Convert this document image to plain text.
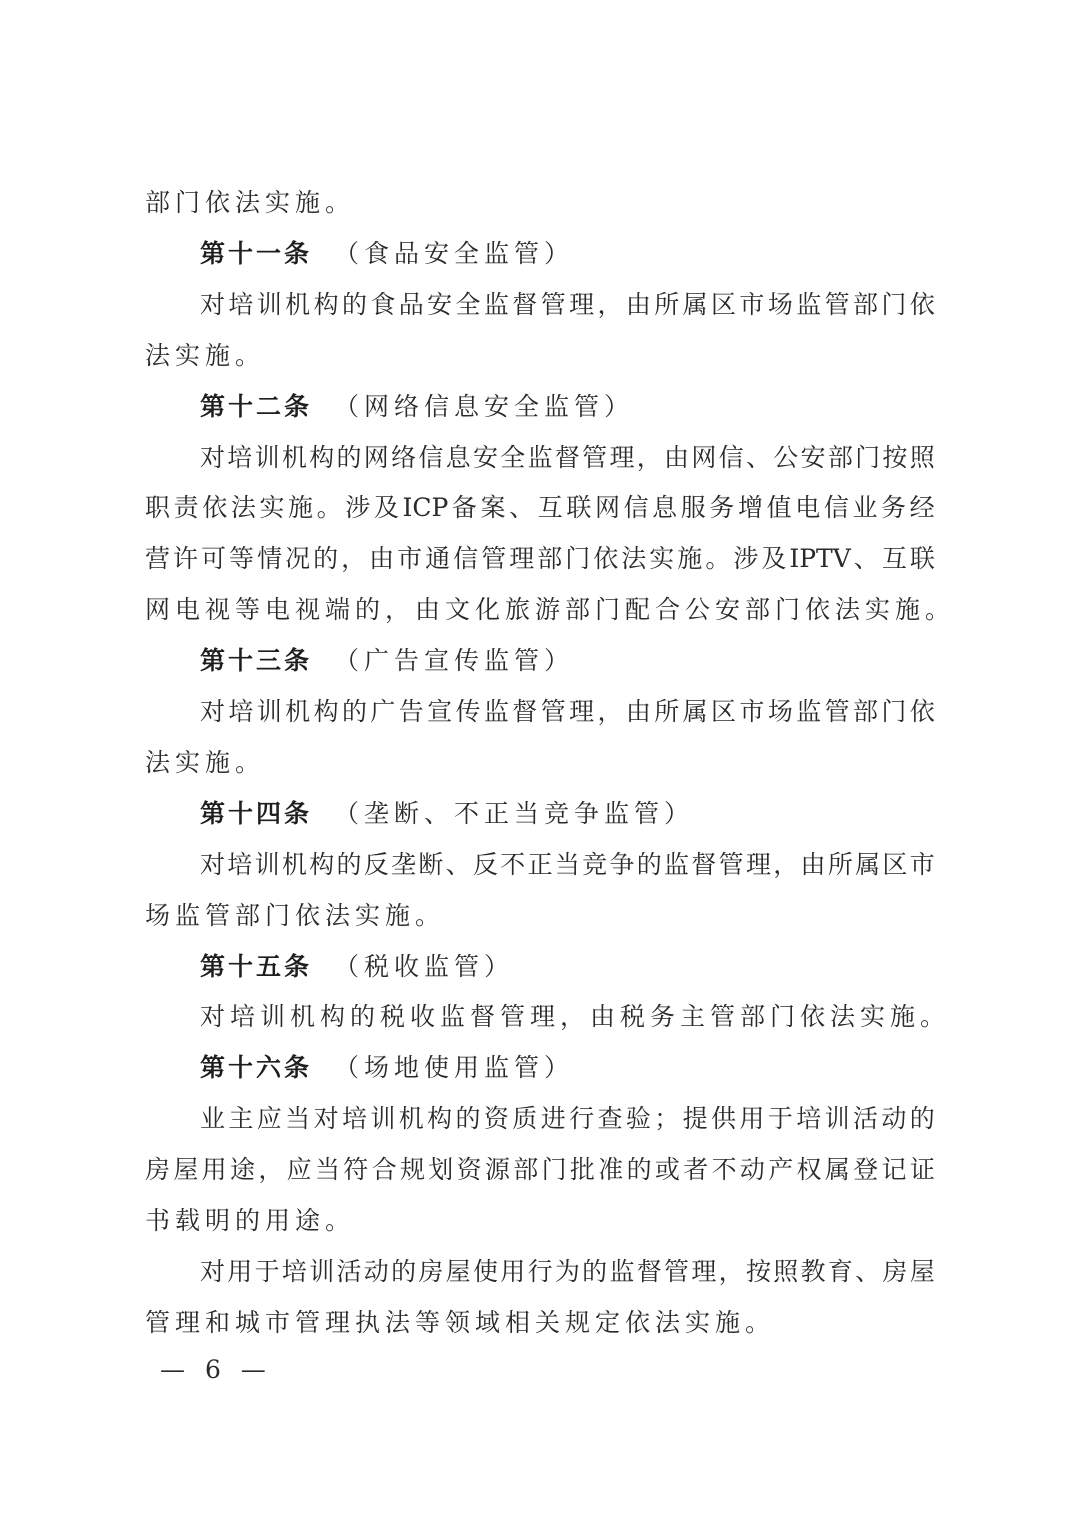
部门依法实施。
第十一条 （食品安全监管）
对 培 训 机 构 的 食 品 安 全 监 督 管 理 ， 由 所 属 区 市 场 监 管 部 门 依
法实施。
第十二条 （网络信息安全监管）
对 培 训 机 构 的 网 络 信 息 安 全 监 督 管 理 ， 由 网 信 、 公 安 部 门 按 照
职 责 依 法 实 施 。 涉 及 ICP 备 案 、 互 联 网 信 息 服 务 增 值 电 信 业 务 经
营 许 可 等 情 况 的 ， 由 市 通 信 管 理 部 门 依 法 实 施 。 涉 及 IPTV 、 互 联
网电视等电视端的，由文化旅游部门配合公安部门依法实施。
第十三条 （广告宣传监管）
对 培 训 机 构 的 广 告 宣 传 监 督 管 理 ， 由 所 属 区 市 场 监 管 部 门 依
法实施。
第十四条 （垄断、不正当竞争监管）
对 培 训 机 构 的 反 垄 断 、 反 不 正 当 竞 争 的 监 督 管 理 ， 由 所 属 区 市
场监管部门依法实施。
第十五条 （税收监管）
对培训机构的税收监督管理，由税务主管部门依法实施。
第十六条 （场地使用监管）
业 主 应 当 对 培 训 机 构 的 资 质 进 行 查 验 ； 提 供 用 于 培 训 活 动 的
房 屋 用 途 ， 应 当 符 合 规 划 资 源 部 门 批 准 的 或 者 不 动 产 权 属 登 记 证
书载明的用途。
对 用 于 培 训 活 动 的 房 屋 使 用 行 为 的 监 督 管 理 ， 按 照 教 育 、 房 屋
管理和城市管理执法等领域相关规定依法实施。
— 6 —
